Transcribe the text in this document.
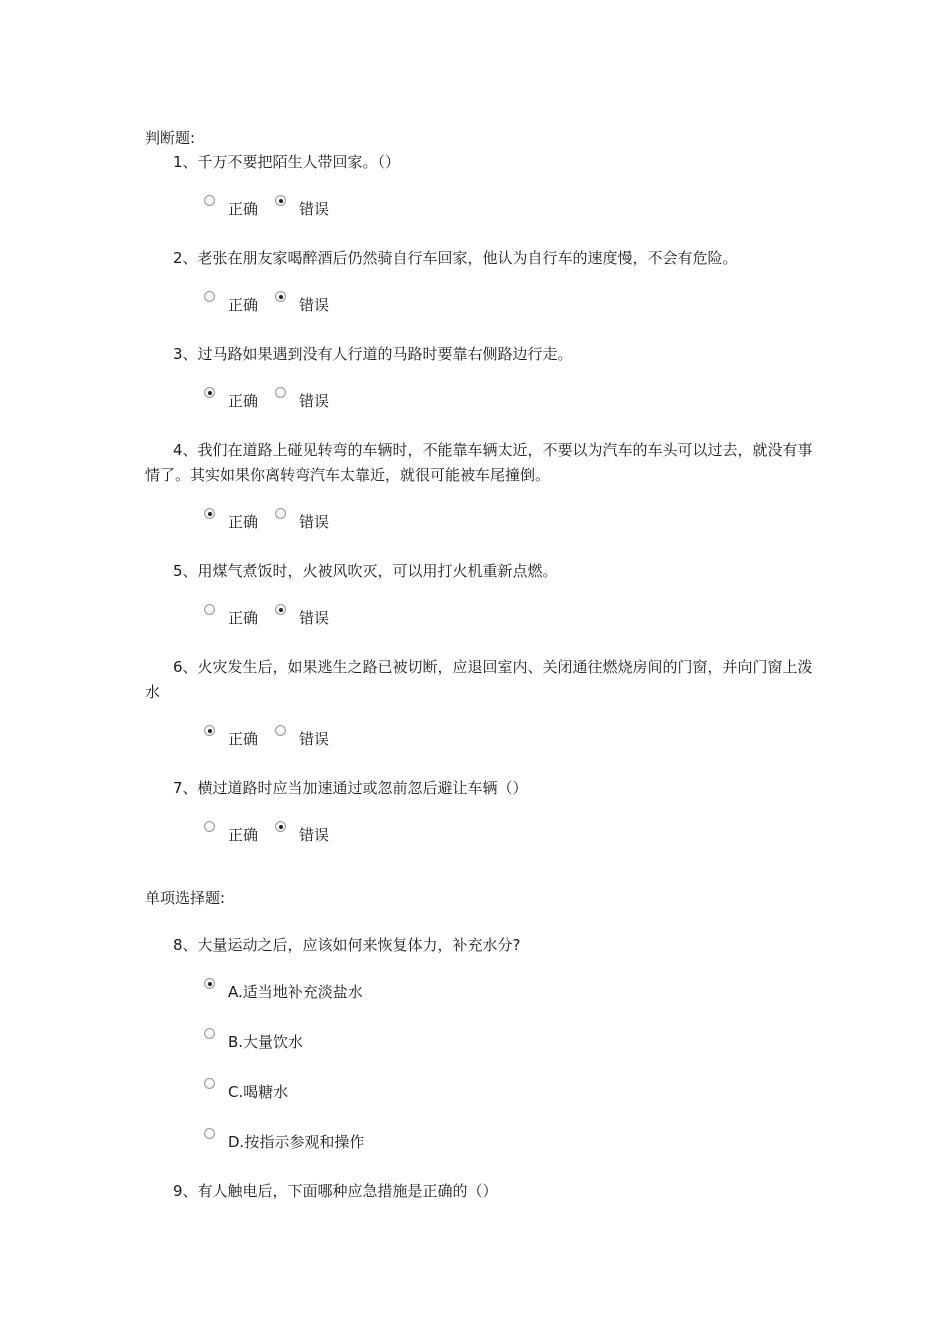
判断题:
1、千万不要把陌生人带回家。（）
正确	错误
2、老张在朋友家喝醉酒后仍然骑自行车回家，他认为自行车的速度慢，不会有危险。
正确	错误
3、过马路如果遇到没有人行道的马路时要靠右侧路边行走。
正确	错误
4、我们在道路上碰见转弯的车辆时，不能靠车辆太近，不要以为汽车的车头可以过去，就没有事情了。其实如果你离转弯汽车太靠近，就很可能被车尾撞倒。
正确	错误
5、用煤气煮饭时，火被风吹灭，可以用打火机重新点燃。
正确	错误
6、火灾发生后，如果逃生之路已被切断，应退回室内、关闭通往燃烧房间的门窗，并向门窗上泼水
正确	错误
7、横过道路时应当加速通过或忽前忽后避让车辆（）
正确	错误
单项选择题:
8、大量运动之后，应该如何来恢复体力，补充水分?
A.适当地补充淡盐水
B.大量饮水
C.喝糖水
D.按指示参观和操作
9、有人触电后，下面哪种应急措施是正确的（）
